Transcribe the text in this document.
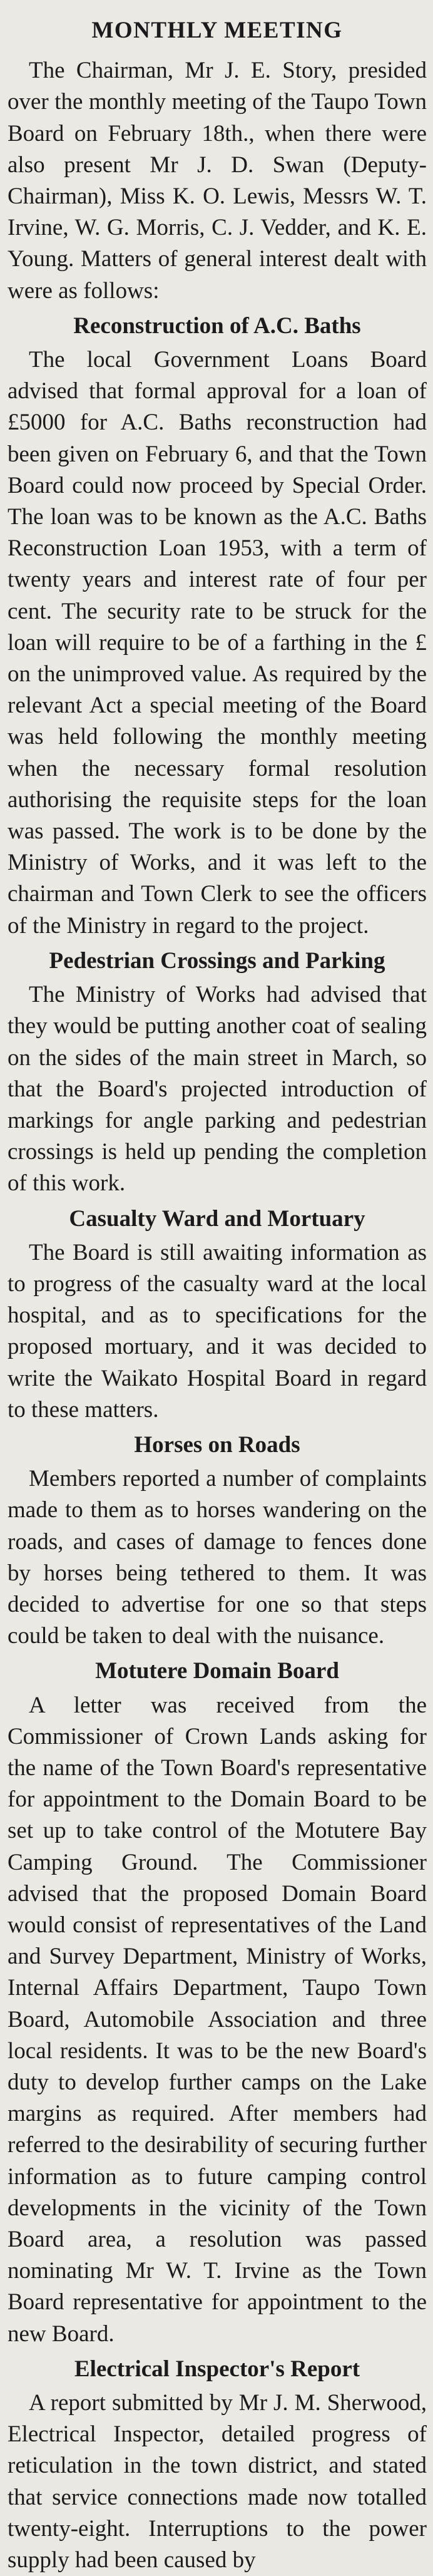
MONTHLY MEETING

The Chairman, Mr J. E. Story, presided over the monthly meeting of the Taupo Town Board on February 18th., when there were also present Mr J. D. Swan (Deputy-Chairman), Miss K. O. Lewis, Messrs W. T. Irvine, W. G. Morris, C. J. Vedder, and K. E. Young. Matters of general interest dealt with were as follows:

Reconstruction of A.C. Baths

The local Government Loans Board advised that formal approval for a loan of £5000 for A.C. Baths reconstruction had been given on February 6, and that the Town Board could now proceed by Special Order. The loan was to be known as the A.C. Baths Reconstruction Loan 1953, with a term of twenty years and interest rate of four per cent. The security rate to be struck for the loan will require to be of a farthing in the £ on the unimproved value. As required by the relevant Act a special meeting of the Board was held following the monthly meeting when the necessary formal resolution authorising the requisite steps for the loan was passed. The work is to be done by the Ministry of Works, and it was left to the chairman and Town Clerk to see the officers of the Ministry in regard to the project.

Pedestrian Crossings and Parking

The Ministry of Works had advised that they would be putting another coat of sealing on the sides of the main street in March, so that the Board's projected introduction of markings for angle parking and pedestrian crossings is held up pending the completion of this work.

Casualty Ward and Mortuary

The Board is still awaiting information as to progress of the casualty ward at the local hospital, and as to specifications for the proposed mortuary, and it was decided to write the Waikato Hospital Board in regard to these matters.

Horses on Roads

Members reported a number of complaints made to them as to horses wandering on the roads, and cases of damage to fences done by horses being tethered to them. It was decided to advertise for one so that steps could be taken to deal with the nuisance.

Motutere Domain Board

A letter was received from the Commissioner of Crown Lands asking for the name of the Town Board's representative for appointment to the Domain Board to be set up to take control of the Motutere Bay Camping Ground. The Commissioner advised that the proposed Domain Board would consist of representatives of the Land and Survey Department, Ministry of Works, Internal Affairs Department, Taupo Town Board, Automobile Association and three local residents. It was to be the new Board's duty to develop further camps on the Lake margins as required. After members had referred to the desirability of securing further information as to future camping control developments in the vicinity of the Town Board area, a resolution was passed nominating Mr W. T. Irvine as the Town Board representative for appointment to the new Board.

Electrical Inspector's Report

A report submitted by Mr J. M. Sherwood, Electrical Inspector, detailed progress of reticulation in the town district, and stated that service connections made now totalled twenty-eight. Interruptions to the power supply had been caused by
